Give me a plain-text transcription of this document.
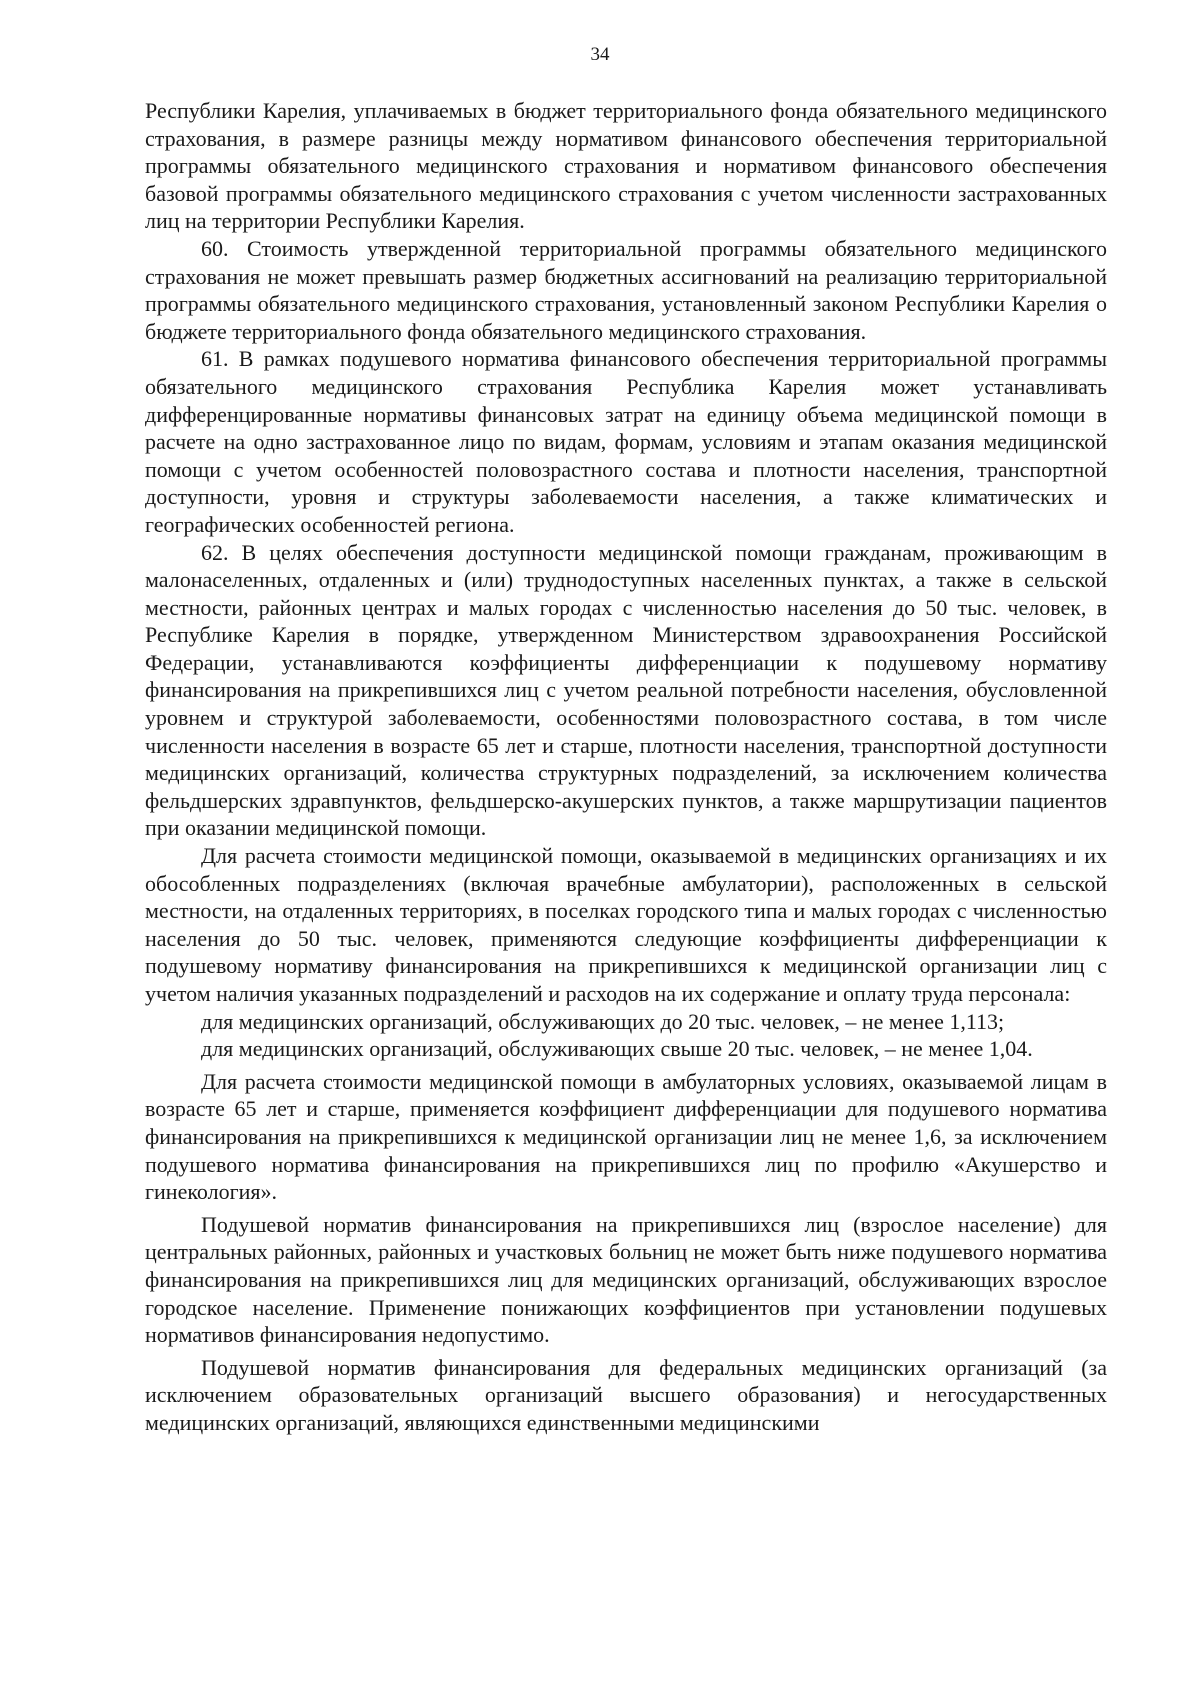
34

Республики Карелия, уплачиваемых в бюджет территориального фонда обязательного медицинского страхования, в размере разницы между нормативом финансового обеспечения территориальной программы обязательного медицинского страхования и нормативом финансового обеспечения базовой программы обязательного медицинского страхования с учетом численности застрахованных лиц на территории Республики Карелия.

60. Стоимость утвержденной территориальной программы обязательного медицинского страхования не может превышать размер бюджетных ассигнований на реализацию территориальной программы обязательного медицинского страхования, установленный законом Республики Карелия о бюджете территориального фонда обязательного медицинского страхования.

61. В рамках подушевого норматива финансового обеспечения территориальной программы обязательного медицинского страхования Республика Карелия может устанавливать дифференцированные нормативы финансовых затрат на единицу объема медицинской помощи в расчете на одно застрахованное лицо по видам, формам, условиям и этапам оказания медицинской помощи с учетом особенностей половозрастного состава и плотности населения, транспортной доступности, уровня и структуры заболеваемости населения, а также климатических и географических особенностей региона.

62. В целях обеспечения доступности медицинской помощи гражданам, проживающим в малонаселенных, отдаленных и (или) труднодоступных населенных пунктах, а также в сельской местности, районных центрах и малых городах с численностью населения до 50 тыс. человек, в Республике Карелия в порядке, утвержденном Министерством здравоохранения Российской Федерации, устанавливаются коэффициенты дифференциации к подушевому нормативу финансирования на прикрепившихся лиц с учетом реальной потребности населения, обусловленной уровнем и структурой заболеваемости, особенностями половозрастного состава, в том числе численности населения в возрасте 65 лет и старше, плотности населения, транспортной доступности медицинских организаций, количества структурных подразделений, за исключением количества фельдшерских здравпунктов, фельдшерско-акушерских пунктов, а также маршрутизации пациентов при оказании медицинской помощи.

Для расчета стоимости медицинской помощи, оказываемой в медицинских организациях и их обособленных подразделениях (включая врачебные амбулатории), расположенных в сельской местности, на отдаленных территориях, в поселках городского типа и малых городах с численностью населения до 50 тыс. человек, применяются следующие коэффициенты дифференциации к подушевому нормативу финансирования на прикрепившихся к медицинской организации лиц с учетом наличия указанных подразделений и расходов на их содержание и оплату труда персонала:

для медицинских организаций, обслуживающих до 20 тыс. человек, – не менее 1,113;

для медицинских организаций, обслуживающих свыше 20 тыс. человек, – не менее 1,04.

Для расчета стоимости медицинской помощи в амбулаторных условиях, оказываемой лицам в возрасте 65 лет и старше, применяется коэффициент дифференциации для подушевого норматива финансирования на прикрепившихся к медицинской организации лиц не менее 1,6, за исключением подушевого норматива финансирования на прикрепившихся лиц по профилю «Акушерство и гинекология».

Подушевой норматив финансирования на прикрепившихся лиц (взрослое население) для центральных районных, районных и участковых больниц не может быть ниже подушевого норматива финансирования на прикрепившихся лиц для медицинских организаций, обслуживающих взрослое городское население. Применение понижающих коэффициентов при установлении подушевых нормативов финансирования недопустимо.

Подушевой норматив финансирования для федеральных медицинских организаций (за исключением образовательных организаций высшего образования) и негосударственных медицинских организаций, являющихся единственными медицинскими
